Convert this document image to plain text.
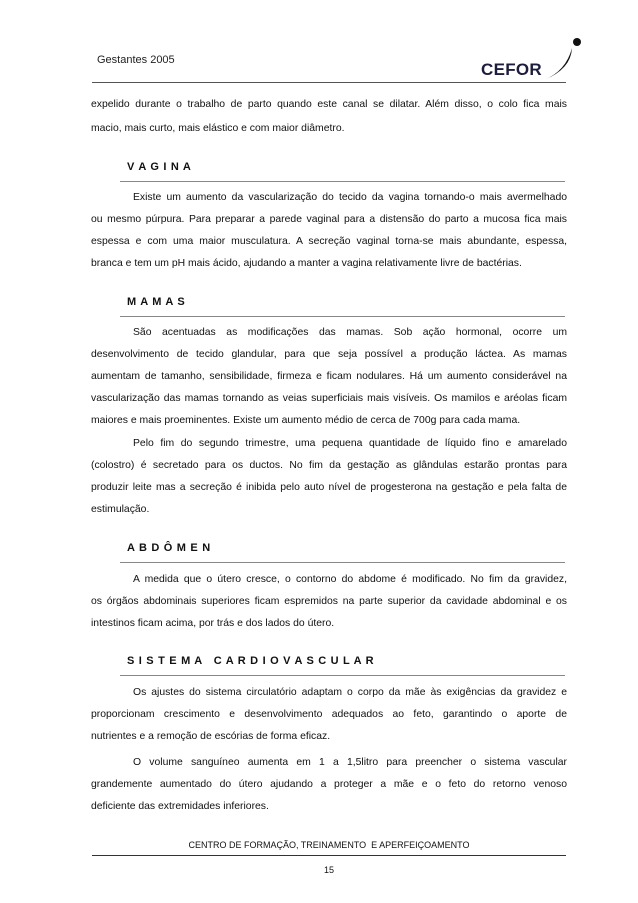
Gestantes 2005	CEFOR
expelido durante o trabalho de parto quando este canal se dilatar. Além disso, o colo fica mais
macio, mais curto, mais elástico e com maior diâmetro.
V A G I N A
Existe um aumento da vascularização do tecido da vagina tornando-o mais avermelhado
ou mesmo púrpura. Para preparar a parede vaginal para a distensão do parto a mucosa fica mais
espessa e com uma maior musculatura. A secreção vaginal torna-se mais abundante, espessa,
branca e tem um pH mais ácido, ajudando a manter a vagina relativamente livre de bactérias.
M A M A S
São acentuadas as modificações das mamas. Sob ação hormonal, ocorre um
desenvolvimento de tecido glandular, para que seja possível a produção láctea. As mamas
aumentam de tamanho, sensibilidade, firmeza e ficam nodulares. Há um aumento considerável na
vascularização das mamas tornando as veias superficiais mais visíveis. Os mamilos e aréolas ficam
maiores e mais proeminentes. Existe um aumento médio de cerca de 700g para cada mama.
Pelo fim do segundo trimestre, uma pequena quantidade de líquido fino e amarelado
(colostro) é secretado para os ductos. No fim da gestação as glândulas estarão prontas para
produzir leite mas a secreção é inibida pelo auto nível de progesterona na gestação e pela falta de
estimulação.
A B D Ô M E N
A medida que o útero cresce, o contorno do abdome é modificado. No fim da gravidez,
os órgãos abdominais superiores ficam espremidos na parte superior da cavidade abdominal e os
intestinos ficam acima, por trás e dos lados do útero.
S I S T E M A   C A R D I O V A S C U L A R
Os ajustes do sistema circulatório adaptam o corpo da mãe às exigências da gravidez e
proporcionam crescimento e desenvolvimento adequados ao feto, garantindo o aporte de
nutrientes e a remoção de escórias de forma eficaz.
O volume sanguíneo aumenta em 1 a 1,5litro para preencher o sistema vascular
grandemente aumentado do útero ajudando a proteger a mãe e o feto do retorno venoso
deficiente das extremidades inferiores.
CENTRO DE FORMAÇÃO, TREINAMENTO  E APERFEIÇOAMENTO
15
